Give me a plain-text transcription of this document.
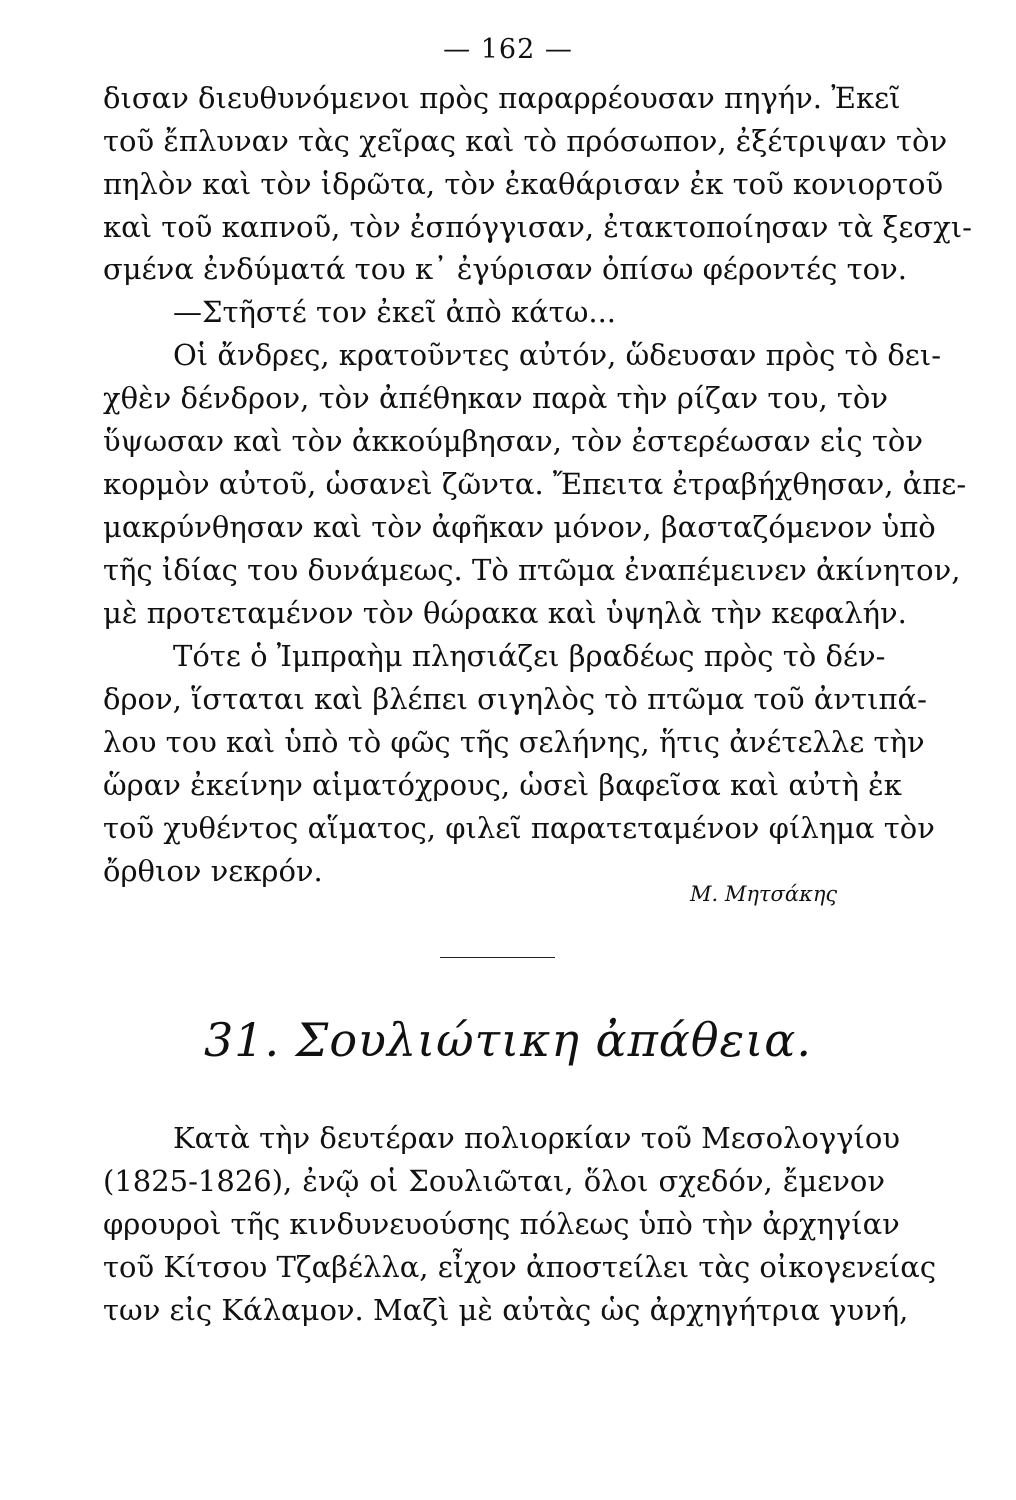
— 162 —
δισαν διευθυνόμενοι πρὸς παραρρέουσαν πηγήν. Ἐκεῖ
τοῦ ἔπλυναν τὰς χεῖρας καὶ τὸ πρόσωπον, ἐξέτριψαν τὸν
πηλὸν καὶ τὸν ἱδρῶτα, τὸν ἐκαθάρισαν ἐκ τοῦ κονιορτοῦ
καὶ τοῦ καπνοῦ, τὸν ἐσπόγγισαν, ἐτακτοποίησαν τὰ ξεσχι-
σμένα ἐνδύματά του κ᾽ ἐγύρισαν ὀπίσω φέροντές τον.
—Στῆστέ τον ἐκεῖ ἀπὸ κάτω...
Οἱ ἄνδρες, κρατοῦντες αὐτόν, ὥδευσαν πρὸς τὸ δει-
χθὲν δένδρον, τὸν ἀπέθηκαν παρὰ τὴν ρίζαν του, τὸν
ὕψωσαν καὶ τὸν ἀκκούμβησαν, τὸν ἐστερέωσαν εἰς τὸν
κορμὸν αὐτοῦ, ὡσανεὶ ζῶντα. Ἔπειτα ἐτραβήχθησαν, ἀπε-
μακρύνθησαν καὶ τὸν ἀφῆκαν μόνον, βασταζόμενον ὑπὸ
τῆς ἰδίας του δυνάμεως. Τὸ πτῶμα ἐναπέμεινεν ἀκίνητον,
μὲ προτεταμένον τὸν θώρακα καὶ ὑψηλὰ τὴν κεφαλήν.
Τότε ὁ Ἰμπραὴμ πλησιάζει βραδέως πρὸς τὸ δέν-
δρον, ἵσταται καὶ βλέπει σιγηλὸς τὸ πτῶμα τοῦ ἀντιπά-
λου του καὶ ὑπὸ τὸ φῶς τῆς σελήνης, ἥτις ἀνέτελλε τὴν
ὥραν ἐκείνην αἱματόχρους, ὡσεὶ βαφεῖσα καὶ αὐτὴ ἐκ
τοῦ χυθέντος αἵματος, φιλεῖ παρατεταμένον φίλημα τὸν
ὄρθιον νεκρόν.
Μ. Μητσάκης
31. Σουλιώτικη ἀπάθεια.
Κατὰ τὴν δευτέραν πολιορκίαν τοῦ Μεσολογγίου
(1825-1826), ἐνῷ οἱ Σουλιῶται, ὅλοι σχεδόν, ἔμενον
φρουροὶ τῆς κινδυνευούσης πόλεως ὑπὸ τὴν ἀρχηγίαν
τοῦ Κίτσου Τζαβέλλα, εἶχον ἀποστείλει τὰς οἰκογενείας
των εἰς Κάλαμον. Μαζὶ μὲ αὐτὰς ὡς ἀρχηγήτρια γυνή,
